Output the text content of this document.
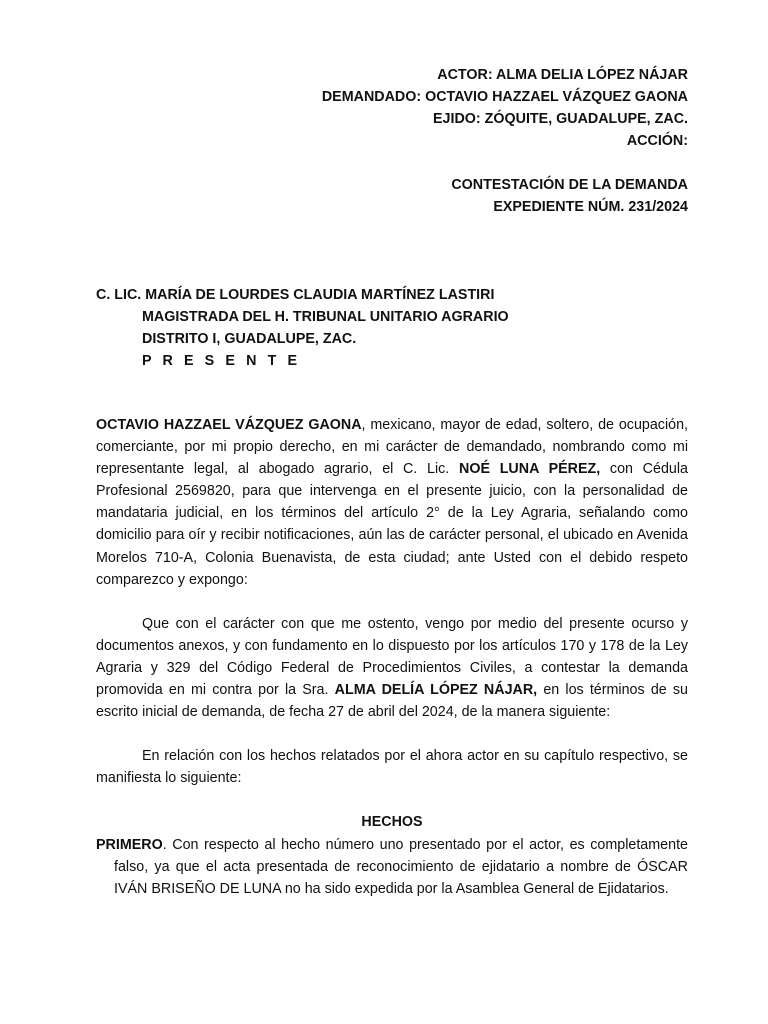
ACTOR: ALMA DELIA LÓPEZ NÁJAR
DEMANDADO: OCTAVIO HAZZAEL VÁZQUEZ GAONA
EJIDO: ZÓQUITE, GUADALUPE, ZAC.
ACCIÓN:
CONTESTACIÓN DE LA DEMANDA
EXPEDIENTE NÚM. 231/2024
C. LIC. MARÍA DE LOURDES CLAUDIA MARTÍNEZ LASTIRI
MAGISTRADA DEL H. TRIBUNAL UNITARIO AGRARIO
DISTRITO I, GUADALUPE, ZAC.
P R E S E N T E

OCTAVIO HAZZAEL VÁZQUEZ GAONA, mexicano, mayor de edad, soltero, de ocupación, comerciante, por mi propio derecho, en mi carácter de demandado, nombrando como mi representante legal, al abogado agrario, el C. Lic. NOÉ LUNA PÉREZ, con Cédula Profesional 2569820, para que intervenga en el presente juicio, con la personalidad de mandataria judicial, en los términos del artículo 2° de la Ley Agraria, señalando como domicilio para oír y recibir notificaciones, aún las de carácter personal, el ubicado en Avenida Morelos 710-A, Colonia Buenavista, de esta ciudad; ante Usted con el debido respeto comparezco y expongo:

Que con el carácter con que me ostento, vengo por medio del presente ocurso y documentos anexos, y con fundamento en lo dispuesto por los artículos 170 y 178 de la Ley Agraria y 329 del Código Federal de Procedimientos Civiles, a contestar la demanda promovida en mi contra por la Sra. ALMA DELÍA LÓPEZ NÁJAR, en los términos de su escrito inicial de demanda, de fecha 27 de abril del 2024, de la manera siguiente:

En relación con los hechos relatados por el ahora actor en su capítulo respectivo, se manifiesta lo siguiente:

HECHOS

PRIMERO. Con respecto al hecho número uno presentado por el actor, es completamente falso, ya que el acta presentada de reconocimiento de ejidatario a nombre de ÓSCAR IVÁN BRISEÑO DE LUNA no ha sido expedida por la Asamblea General de Ejidatarios.
